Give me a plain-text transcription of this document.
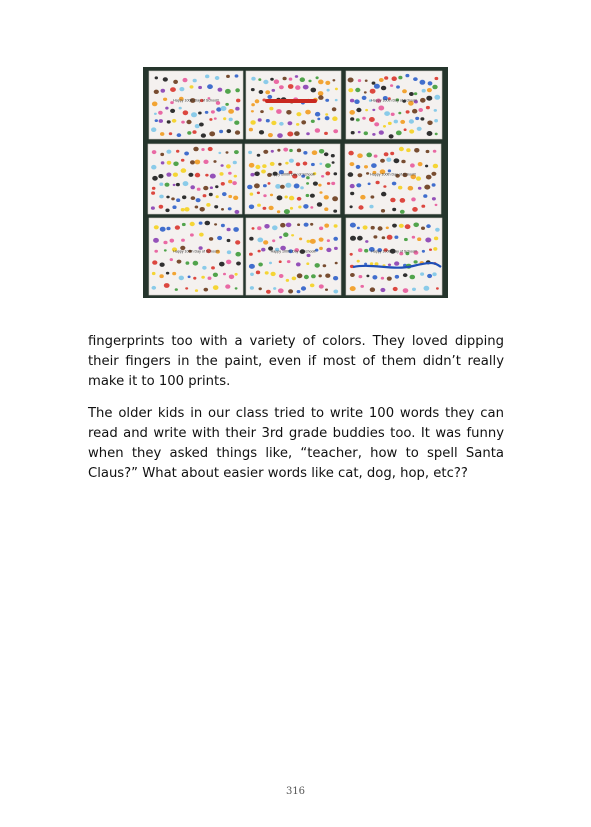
Happy 100th Day of School!!	Happy 100th Day of School!!
Happy 100th Day of School!!	Happy 100th Day of School!!
Happy 100th Day of School!!	Happy 100th Day of School!!	Happy 100th Day of School!!

fingerprints too with a variety of colors. They loved dipping their fingers in the paint, even if most of them didn’t really make it to 100 prints.

The older kids in our class tried to write 100 words they can read and write with their 3rd grade buddies too. It was funny when they asked things like, “teacher, how to spell Santa Claus?” What about easier words like cat, dog, hop, etc??

316
